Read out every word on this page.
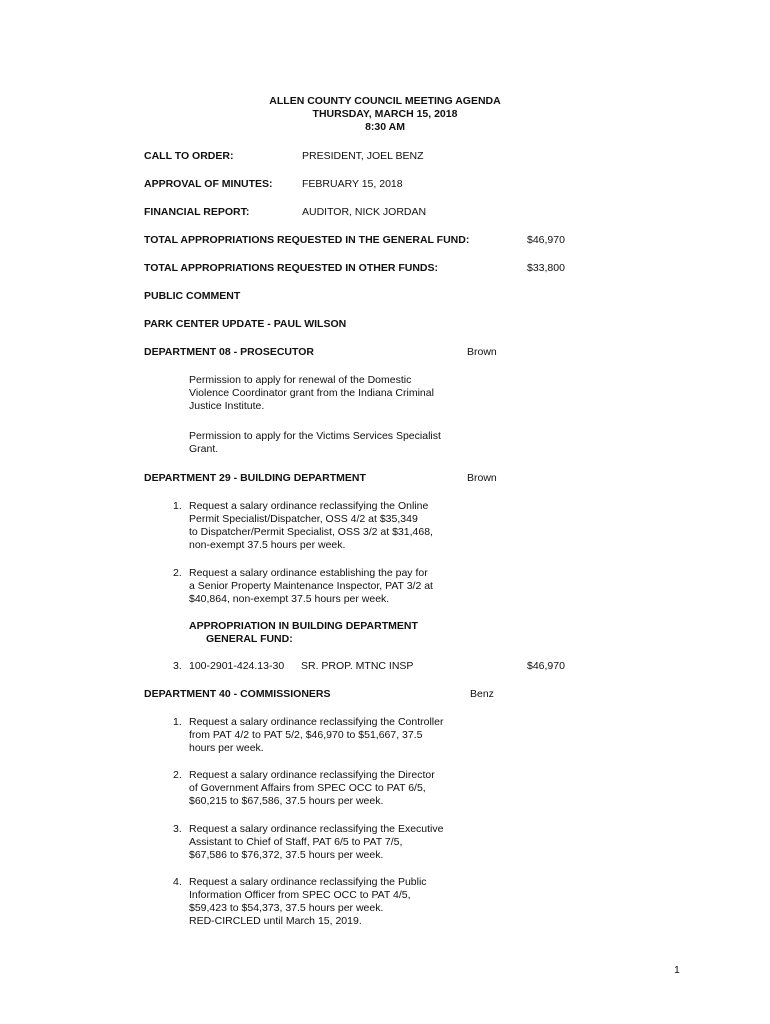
ALLEN COUNTY COUNCIL MEETING AGENDA
THURSDAY, MARCH 15, 2018
8:30 AM
CALL TO ORDER:	PRESIDENT, JOEL BENZ
APPROVAL OF MINUTES:	FEBRUARY 15, 2018
FINANCIAL REPORT:	AUDITOR, NICK JORDAN
TOTAL APPROPRIATIONS REQUESTED IN THE GENERAL FUND:	$46,970
TOTAL APPROPRIATIONS REQUESTED IN OTHER FUNDS:	$33,800
PUBLIC COMMENT
PARK CENTER UPDATE - PAUL WILSON
DEPARTMENT 08 - PROSECUTOR	Brown
Permission to apply for renewal of the Domestic
Violence Coordinator grant from the Indiana Criminal
Justice Institute.
Permission to apply for the Victims Services Specialist
Grant.
DEPARTMENT 29 - BUILDING DEPARTMENT	Brown
1. Request a salary ordinance reclassifying the Online
Permit Specialist/Dispatcher, OSS 4/2 at $35,349
to Dispatcher/Permit Specialist, OSS 3/2 at $31,468,
non-exempt 37.5 hours per week.
2. Request a salary ordinance establishing the pay for
a Senior Property Maintenance Inspector, PAT 3/2 at
$40,864, non-exempt 37.5 hours per week.
APPROPRIATION IN BUILDING DEPARTMENT
GENERAL FUND:
3. 100-2901-424.13-30 SR. PROP. MTNC INSP	$46,970
DEPARTMENT 40 - COMMISSIONERS	Benz
1. Request a salary ordinance reclassifying the Controller
from PAT 4/2 to PAT 5/2, $46,970 to $51,667, 37.5
hours per week.
2. Request a salary ordinance reclassifying the Director
of Government Affairs from SPEC OCC to PAT 6/5,
$60,215 to $67,586, 37.5 hours per week.
3. Request a salary ordinance reclassifying the Executive
Assistant to Chief of Staff, PAT 6/5 to PAT 7/5,
$67,586 to $76,372, 37.5 hours per week.
4. Request a salary ordinance reclassifying the Public
Information Officer from SPEC OCC to PAT 4/5,
$59,423 to $54,373, 37.5 hours per week.
RED-CIRCLED until March 15, 2019.
1
